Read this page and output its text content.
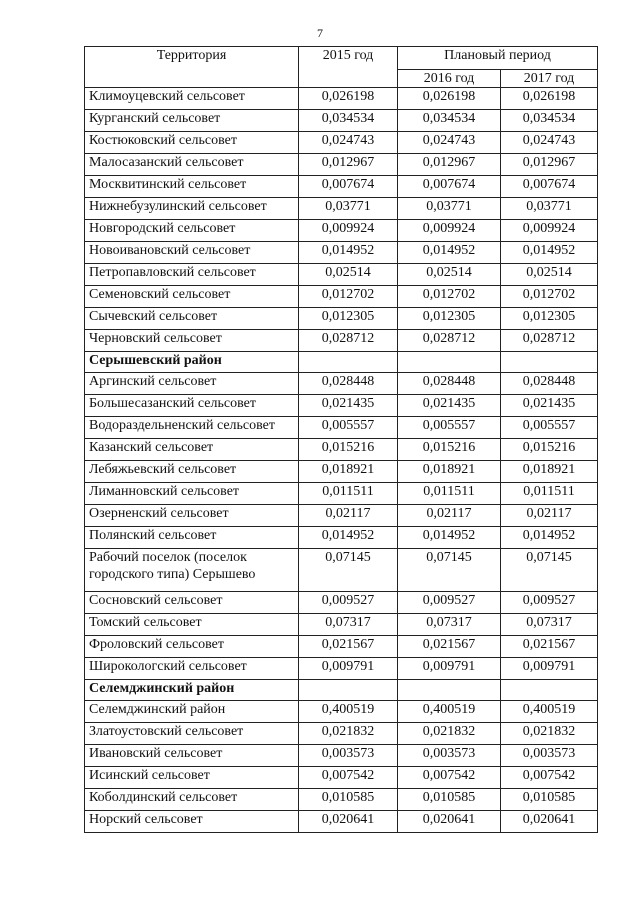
7
Территория	2015 год	Плановый период	
		2016 год	2017 год
Климоуцевский сельсовет	0,026198	0,026198	0,026198
Курганский сельсовет	0,034534	0,034534	0,034534
Костюковский сельсовет	0,024743	0,024743	0,024743
Малосазанский сельсовет	0,012967	0,012967	0,012967
Москвитинский сельсовет	0,007674	0,007674	0,007674
Нижнебузулинский сельсовет	0,03771	0,03771	0,03771
Новгородский сельсовет	0,009924	0,009924	0,009924
Новоивановский сельсовет	0,014952	0,014952	0,014952
Петропавловский сельсовет	0,02514	0,02514	0,02514
Семеновский сельсовет	0,012702	0,012702	0,012702
Сычевский сельсовет	0,012305	0,012305	0,012305
Черновский сельсовет	0,028712	0,028712	0,028712
Серышевский район			
Аргинский сельсовет	0,028448	0,028448	0,028448
Большесазанский сельсовет	0,021435	0,021435	0,021435
Водораздельненский сельсовет	0,005557	0,005557	0,005557
Казанский сельсовет	0,015216	0,015216	0,015216
Лебяжьевский сельсовет	0,018921	0,018921	0,018921
Лиманновский сельсовет	0,011511	0,011511	0,011511
Озерненский сельсовет	0,02117	0,02117	0,02117
Полянский сельсовет	0,014952	0,014952	0,014952
Рабочий поселок (поселок городского типа) Серышево	0,07145	0,07145	0,07145
Сосновский сельсовет	0,009527	0,009527	0,009527
Томский сельсовет	0,07317	0,07317	0,07317
Фроловский сельсовет	0,021567	0,021567	0,021567
Широкологский сельсовет	0,009791	0,009791	0,009791
Селемджинский район			
Селемджинский район	0,400519	0,400519	0,400519
Златоустовский сельсовет	0,021832	0,021832	0,021832
Ивановский сельсовет	0,003573	0,003573	0,003573
Исинский сельсовет	0,007542	0,007542	0,007542
Коболдинский сельсовет	0,010585	0,010585	0,010585
Норский сельсовет	0,020641	0,020641	0,020641
